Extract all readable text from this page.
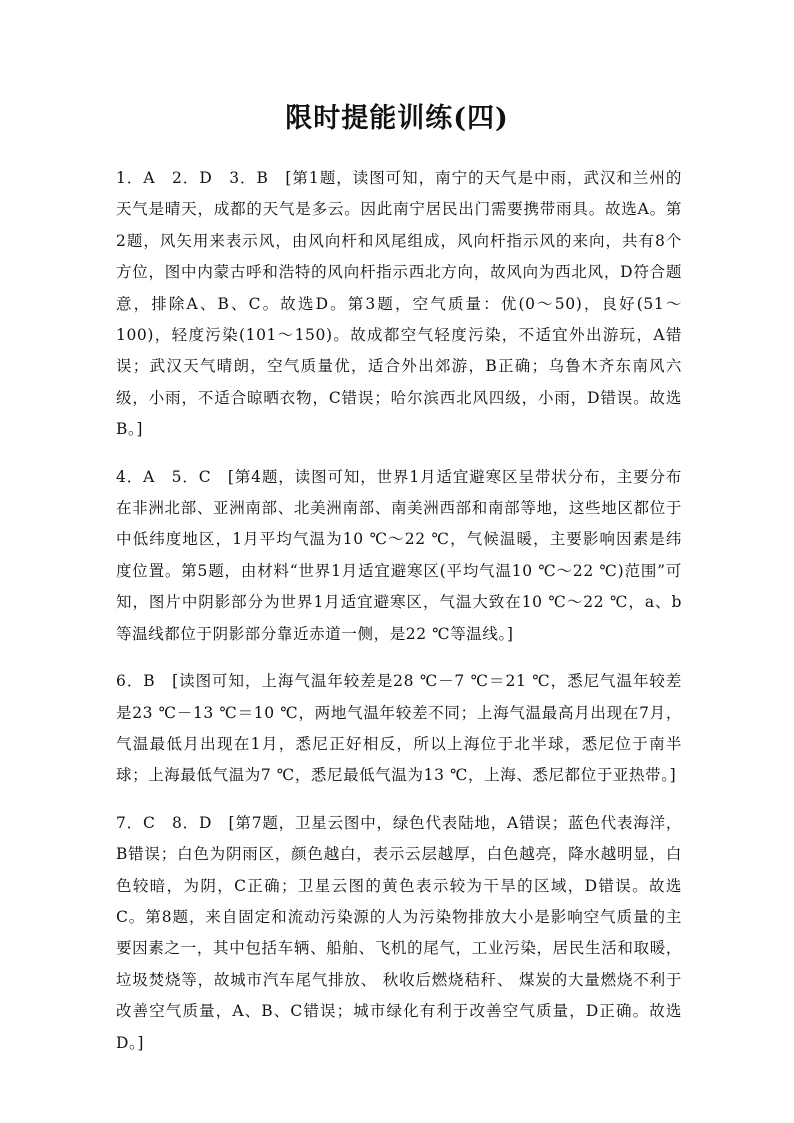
限时提能训练(四)

1．A　2．D　3．B　[第1题，读图可知，南宁的天气是中雨，武汉和兰州的天气是晴天，成都的天气是多云。因此南宁居民出门需要携带雨具。故选A。第2题，风矢用来表示风，由风向杆和风尾组成，风向杆指示风的来向，共有8个方位，图中内蒙古呼和浩特的风向杆指示西北方向，故风向为西北风，D符合题意，排除A、B、C。故选D。第3题，空气质量：优(0～50)，良好(51～100)，轻度污染(101～150)。故成都空气轻度污染，不适宜外出游玩，A错误；武汉天气晴朗，空气质量优，适合外出郊游，B正确；乌鲁木齐东南风六级，小雨，不适合晾晒衣物，C错误；哈尔滨西北风四级，小雨，D错误。故选B。]

4．A　5．C　[第4题，读图可知，世界1月适宜避寒区呈带状分布，主要分布在非洲北部、亚洲南部、北美洲南部、南美洲西部和南部等地，这些地区都位于中低纬度地区，1月平均气温为10 ℃～22 ℃，气候温暖，主要影响因素是纬度位置。第5题，由材料“世界1月适宜避寒区(平均气温10 ℃～22 ℃)范围”可知，图片中阴影部分为世界1月适宜避寒区，气温大致在10 ℃～22 ℃，a、b等温线都位于阴影部分靠近赤道一侧，是22 ℃等温线。]

6．B　[读图可知，上海气温年较差是28 ℃－7 ℃＝21 ℃，悉尼气温年较差是23 ℃－13 ℃＝10 ℃，两地气温年较差不同；上海气温最高月出现在7月，气温最低月出现在1月，悉尼正好相反，所以上海位于北半球，悉尼位于南半球；上海最低气温为7 ℃，悉尼最低气温为13 ℃，上海、悉尼都位于亚热带。]

7．C　8．D　[第7题，卫星云图中，绿色代表陆地，A错误；蓝色代表海洋，B错误；白色为阴雨区，颜色越白，表示云层越厚，白色越亮，降水越明显，白色较暗，为阴，C正确；卫星云图的黄色表示较为干旱的区域，D错误。故选C。第8题，来自固定和流动污染源的人为污染物排放大小是影响空气质量的主要因素之一，其中包括车辆、船舶、飞机的尾气，工业污染，居民生活和取暖，垃圾焚烧等，故城市汽车尾气排放、 秋收后燃烧秸秆、 煤炭的大量燃烧不利于改善空气质量，A、B、C错误；城市绿化有利于改善空气质量，D正确。故选D。]
